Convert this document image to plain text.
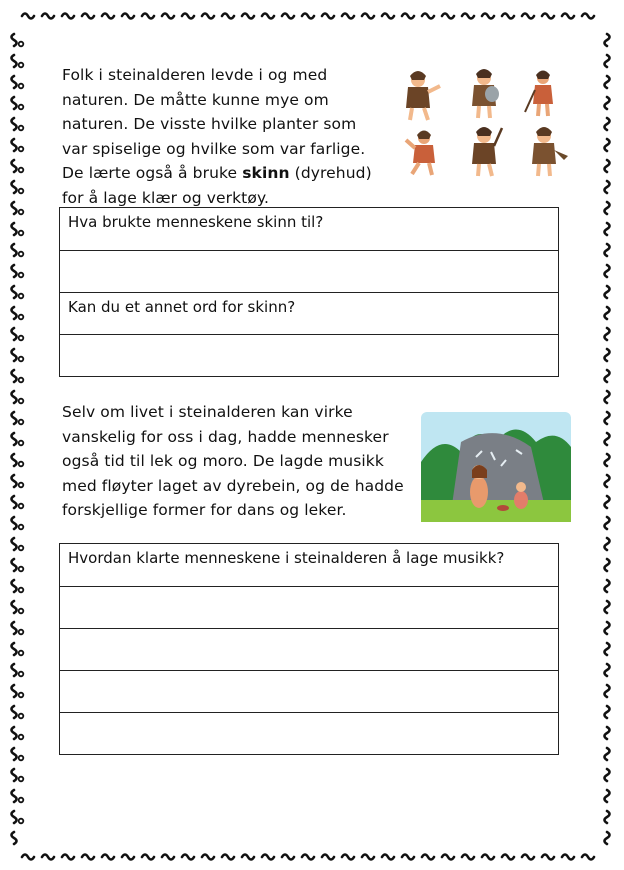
Folk i steinalderen levde i og med
naturen. De måtte kunne mye om
naturen. De visste hvilke planter som
var spiselige og hvilke som var farlige.
De lærte også å bruke skinn (dyrehud)
for å lage klær og verktøy.
Hva brukte menneskene skinn til?
Kan du et annet ord for skinn?
Selv om livet i steinalderen kan virke
vanskelig for oss i dag, hadde mennesker
også tid til lek og moro. De lagde musikk
med fløyter laget av dyrebein, og de hadde
forskjellige former for dans og leker.
Hvordan klarte menneskene i steinalderen å lage musikk?
